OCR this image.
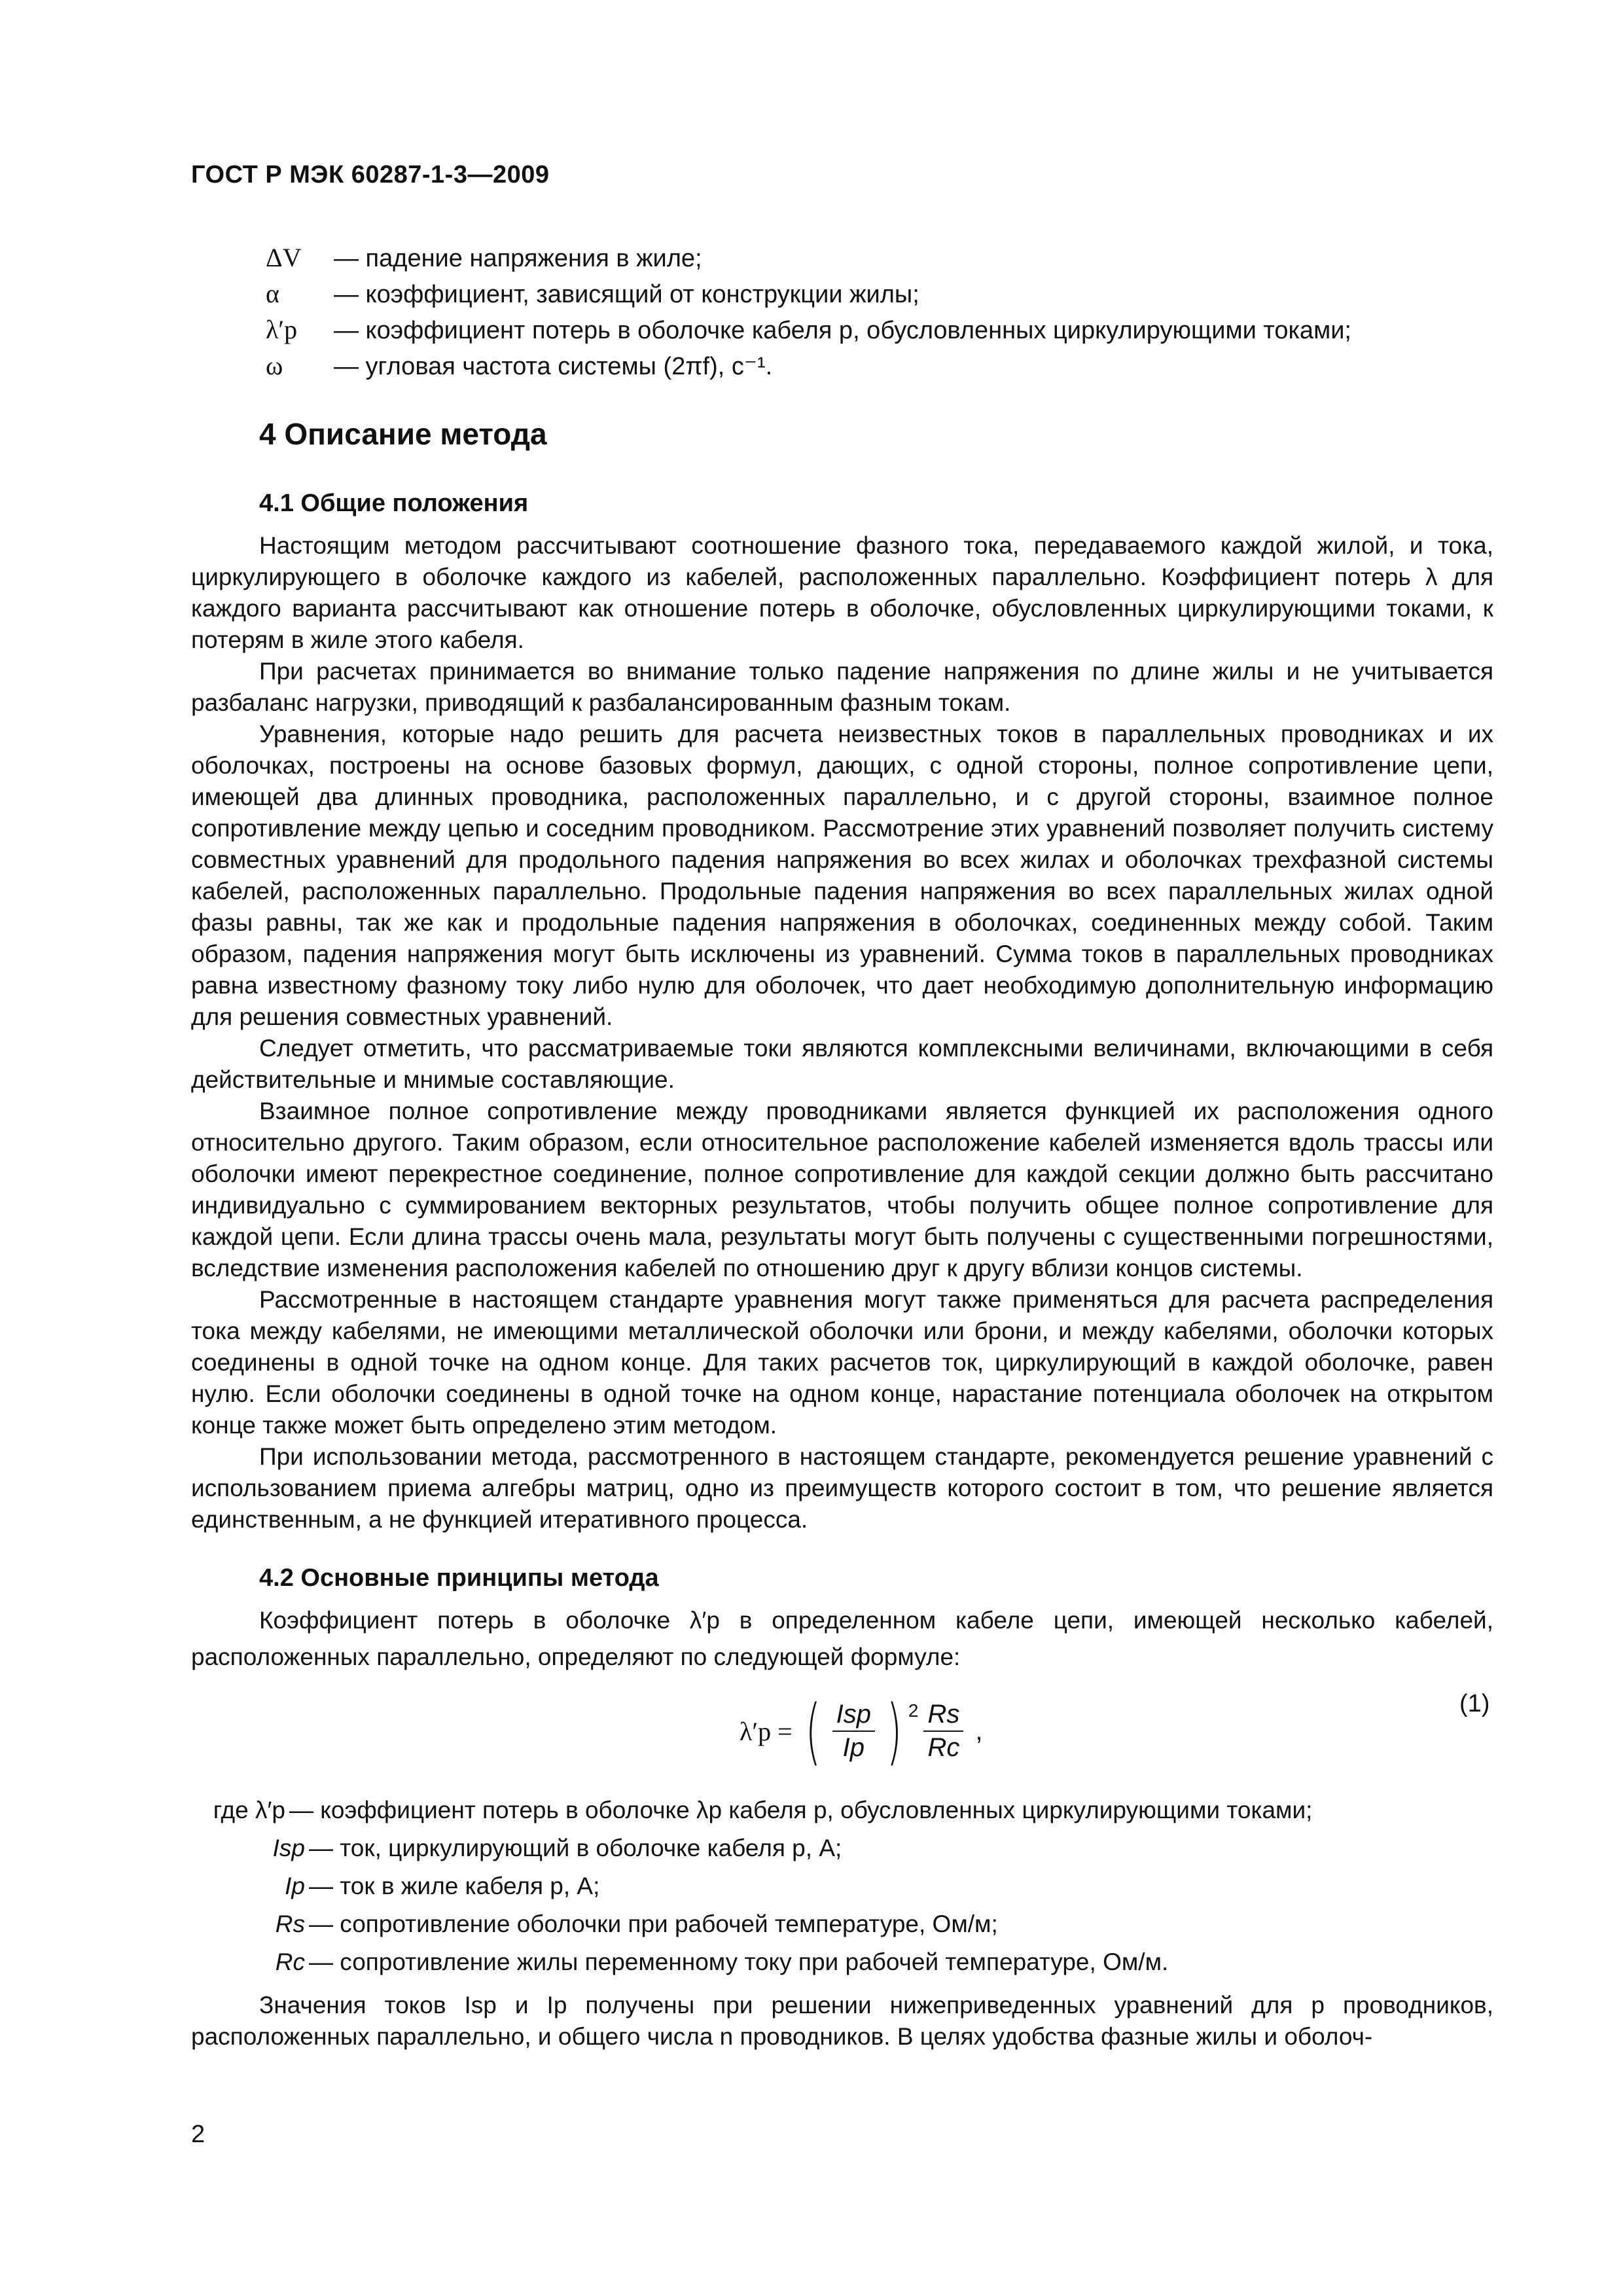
ГОСТ Р МЭК 60287-1-3—2009
ΔV	— падение напряжения в жиле;
α	— коэффициент, зависящий от конструкции жилы;
λ′p	— коэффициент потерь в оболочке кабеля p, обусловленных циркулирующими токами;
ω	— угловая частота системы (2πf), с⁻¹.
4 Описание метода
4.1 Общие положения

Настоящим методом рассчитывают соотношение фазного тока, передаваемого каждой жилой, и тока, циркулирующего в оболочке каждого из кабелей, расположенных параллельно. Коэффициент потерь λ для каждого варианта рассчитывают как отношение потерь в оболочке, обусловленных циркулирующими токами, к потерям в жиле этого кабеля.

При расчетах принимается во внимание только падение напряжения по длине жилы и не учитывается разбаланс нагрузки, приводящий к разбалансированным фазным токам.

Уравнения, которые надо решить для расчета неизвестных токов в параллельных проводниках и их оболочках, построены на основе базовых формул, дающих, с одной стороны, полное сопротивление цепи, имеющей два длинных проводника, расположенных параллельно, и с другой стороны, взаимное полное сопротивление между цепью и соседним проводником. Рассмотрение этих уравнений позволяет получить систему совместных уравнений для продольного падения напряжения во всех жилах и оболочках трехфазной системы кабелей, расположенных параллельно. Продольные падения напряжения во всех параллельных жилах одной фазы равны, так же как и продольные падения напряжения в оболочках, соединенных между собой. Таким образом, падения напряжения могут быть исключены из уравнений. Сумма токов в параллельных проводниках равна известному фазному току либо нулю для оболочек, что дает необходимую дополнительную информацию для решения совместных уравнений.

Следует отметить, что рассматриваемые токи являются комплексными величинами, включающими в себя действительные и мнимые составляющие.

Взаимное полное сопротивление между проводниками является функцией их расположения одного относительно другого. Таким образом, если относительное расположение кабелей изменяется вдоль трассы или оболочки имеют перекрестное соединение, полное сопротивление для каждой секции должно быть рассчитано индивидуально с суммированием векторных результатов, чтобы получить общее полное сопротивление для каждой цепи. Если длина трассы очень мала, результаты могут быть получены с существенными погрешностями, вследствие изменения расположения кабелей по отношению друг к другу вблизи концов системы.

Рассмотренные в настоящем стандарте уравнения могут также применяться для расчета распределения тока между кабелями, не имеющими металлической оболочки или брони, и между кабелями, оболочки которых соединены в одной точке на одном конце. Для таких расчетов ток, циркулирующий в каждой оболочке, равен нулю. Если оболочки соединены в одной точке на одном конце, нарастание потенциала оболочек на открытом конце также может быть определено этим методом.

При использовании метода, рассмотренного в настоящем стандарте, рекомендуется решение уравнений с использованием приема алгебры матриц, одно из преимуществ которого состоит в том, что решение является единственным, а не функцией итеративного процесса.

4.2 Основные принципы метода

Коэффициент потерь в оболочке λ′p в определенном кабеле цепи, имеющей несколько кабелей, расположенных параллельно, определяют по следующей формуле:

λ′p = ( $\frac{\text{Isp}}{Ip}$ ) $^2 \frac{Rs}{Rc}$ ,
(1)
где λ′p — коэффициент потерь в оболочке λp кабеля p, обусловленных циркулирующими токами;
Isp — ток, циркулирующий в оболочке кабеля p, А;
Ip — ток в жиле кабеля p, А;
Rs — сопротивление оболочки при рабочей температуре, Ом/м;
Rc — сопротивление жилы переменному току при рабочей температуре, Ом/м.

Значения токов Isp и Ip получены при решении нижеприведенных уравнений для p проводников, расположенных параллельно, и общего числа n проводников. В целях удобства фазные жилы и оболоч-

2
